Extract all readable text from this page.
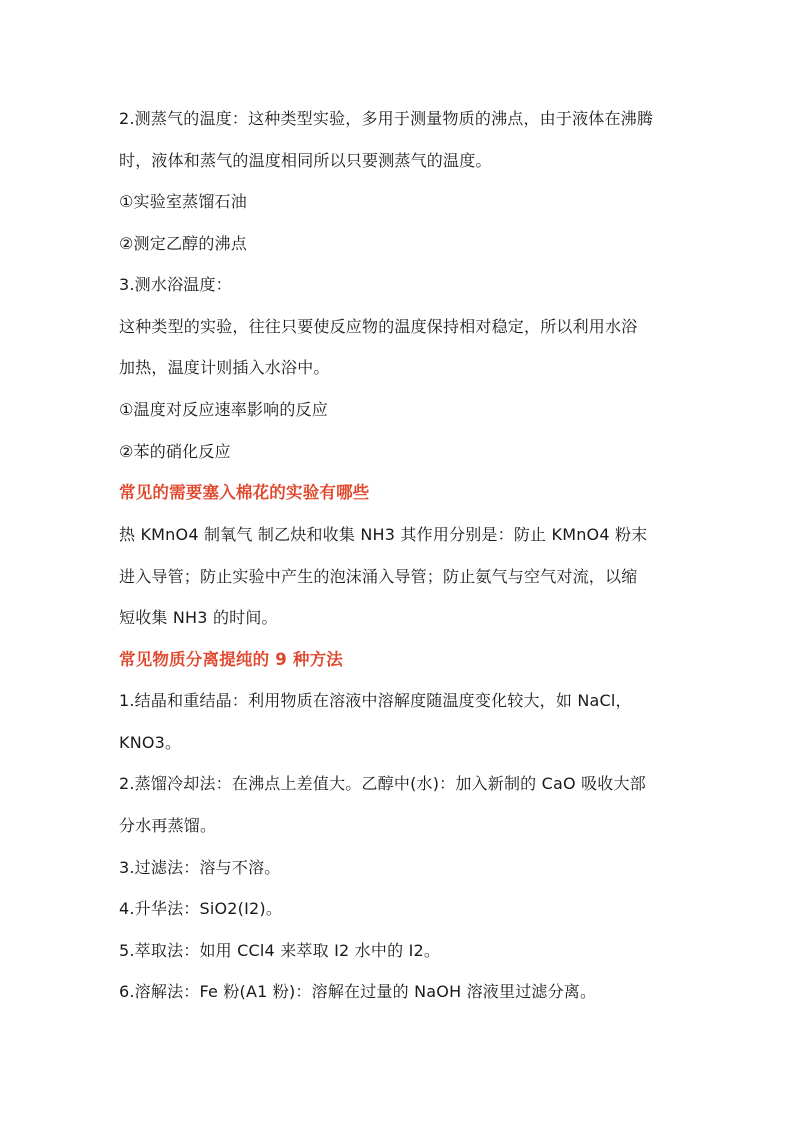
2.测蒸气的温度：这种类型实验，多用于测量物质的沸点，由于液体在沸腾
时，液体和蒸气的温度相同所以只要测蒸气的温度。
①实验室蒸馏石油
②测定乙醇的沸点
3.测水浴温度：
这种类型的实验，往往只要使反应物的温度保持相对稳定，所以利用水浴
加热，温度计则插入水浴中。
①温度对反应速率影响的反应
②苯的硝化反应
常见的需要塞入棉花的实验有哪些
热 KMnO4 制氧气 制乙炔和收集 NH3 其作用分别是：防止 KMnO4 粉末
进入导管；防止实验中产生的泡沫涌入导管；防止氨气与空气对流，以缩
短收集 NH3 的时间。
常见物质分离提纯的 9 种方法
1.结晶和重结晶：利用物质在溶液中溶解度随温度变化较大，如 NaCl，
KNO3。
2.蒸馏冷却法：在沸点上差值大。乙醇中(水)：加入新制的 CaO 吸收大部
分水再蒸馏。
3.过滤法：溶与不溶。
4.升华法：SiO2(I2)。
5.萃取法：如用 CCl4 来萃取 I2 水中的 I2。
6.溶解法：Fe 粉(A1 粉)：溶解在过量的 NaOH 溶液里过滤分离。
